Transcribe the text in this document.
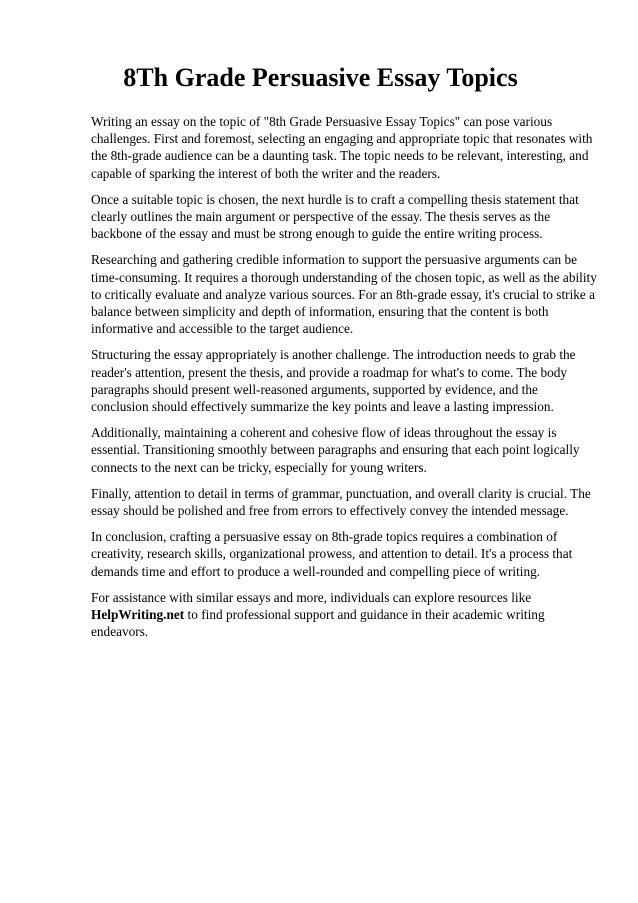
8Th Grade Persuasive Essay Topics

Writing an essay on the topic of "8th Grade Persuasive Essay Topics" can pose various challenges. First and foremost, selecting an engaging and appropriate topic that resonates with the 8th-grade audience can be a daunting task. The topic needs to be relevant, interesting, and capable of sparking the interest of both the writer and the readers.

Once a suitable topic is chosen, the next hurdle is to craft a compelling thesis statement that clearly outlines the main argument or perspective of the essay. The thesis serves as the backbone of the essay and must be strong enough to guide the entire writing process.

Researching and gathering credible information to support the persuasive arguments can be time-consuming. It requires a thorough understanding of the chosen topic, as well as the ability to critically evaluate and analyze various sources. For an 8th-grade essay, it's crucial to strike a balance between simplicity and depth of information, ensuring that the content is both informative and accessible to the target audience.

Structuring the essay appropriately is another challenge. The introduction needs to grab the reader's attention, present the thesis, and provide a roadmap for what's to come. The body paragraphs should present well-reasoned arguments, supported by evidence, and the conclusion should effectively summarize the key points and leave a lasting impression.

Additionally, maintaining a coherent and cohesive flow of ideas throughout the essay is essential. Transitioning smoothly between paragraphs and ensuring that each point logically connects to the next can be tricky, especially for young writers.

Finally, attention to detail in terms of grammar, punctuation, and overall clarity is crucial. The essay should be polished and free from errors to effectively convey the intended message.

In conclusion, crafting a persuasive essay on 8th-grade topics requires a combination of creativity, research skills, organizational prowess, and attention to detail. It's a process that demands time and effort to produce a well-rounded and compelling piece of writing.

For assistance with similar essays and more, individuals can explore resources like HelpWriting.net to find professional support and guidance in their academic writing endeavors.
